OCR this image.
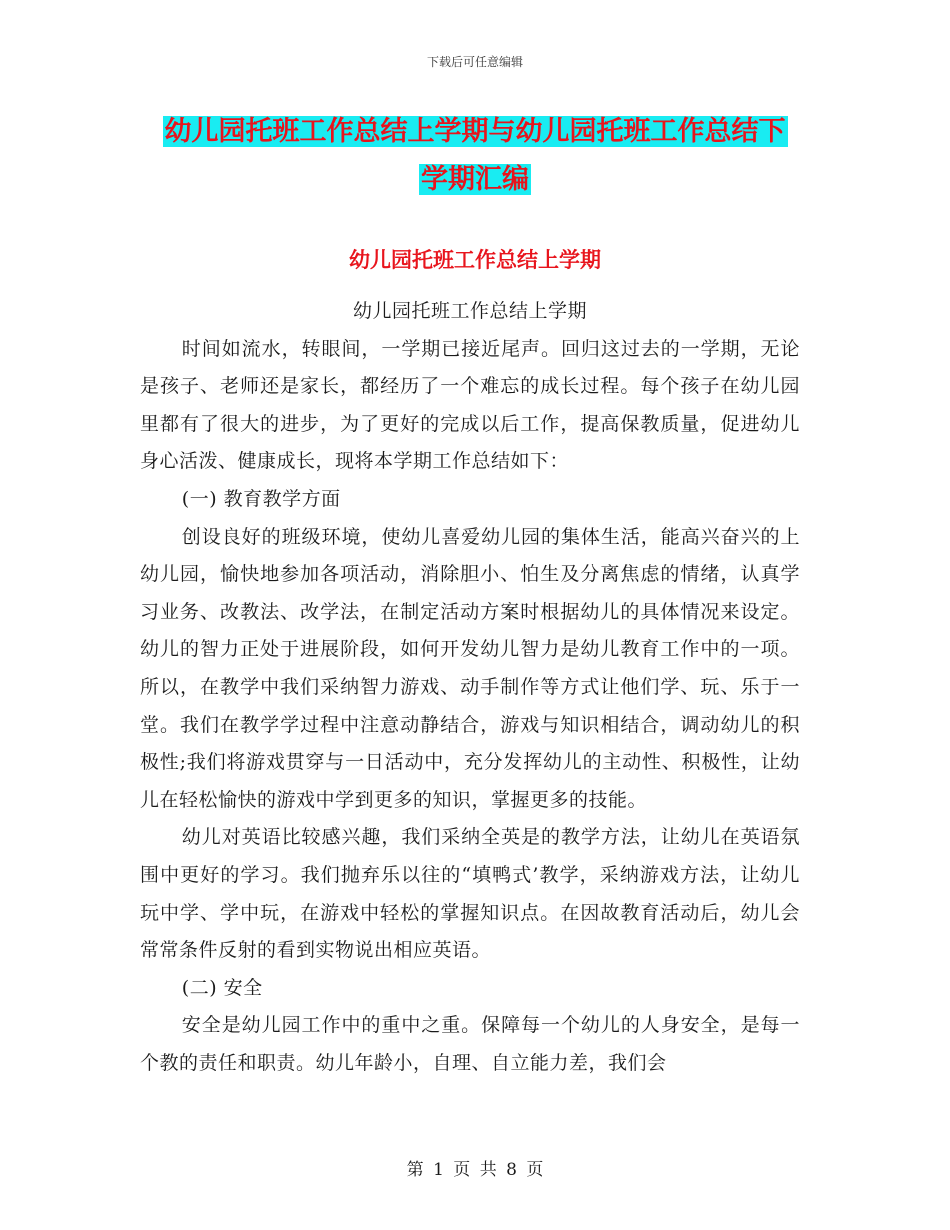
下载后可任意编辑
幼儿园托班工作总结上学期与幼儿园托班工作总结下
学期汇编
幼儿园托班工作总结上学期

幼儿园托班工作总结上学期

时间如流水，转眼间，一学期已接近尾声。回归这过去的一学期，无论是孩子、老师还是家长，都经历了一个难忘的成长过程。每个孩子在幼儿园里都有了很大的进步，为了更好的完成以后工作，提高保教质量，促进幼儿身心活泼、健康成长，现将本学期工作总结如下：

(一) 教育教学方面

创设良好的班级环境，使幼儿喜爱幼儿园的集体生活，能高兴奋兴的上幼儿园，愉快地参加各项活动，消除胆小、怕生及分离焦虑的情绪，认真学习业务、改教法、改学法，在制定活动方案时根据幼儿的具体情况来设定。幼儿的智力正处于进展阶段，如何开发幼儿智力是幼儿教育工作中的一项。所以，在教学中我们采纳智力游戏、动手制作等方式让他们学、玩、乐于一堂。我们在教学学过程中注意动静结合，游戏与知识相结合，调动幼儿的积极性;我们将游戏贯穿与一日活动中，充分发挥幼儿的主动性、积极性，让幼儿在轻松愉快的游戏中学到更多的知识，掌握更多的技能。

幼儿对英语比较感兴趣，我们采纳全英是的教学方法，让幼儿在英语氛围中更好的学习。我们抛弃乐以往的“填鸭式’教学，采纳游戏方法，让幼儿玩中学、学中玩，在游戏中轻松的掌握知识点。在因故教育活动后，幼儿会常常条件反射的看到实物说出相应英语。

(二) 安全

安全是幼儿园工作中的重中之重。保障每一个幼儿的人身安全，是每一个教的责任和职责。幼儿年龄小，自理、自立能力差，我们会

第 1 页 共 8 页
